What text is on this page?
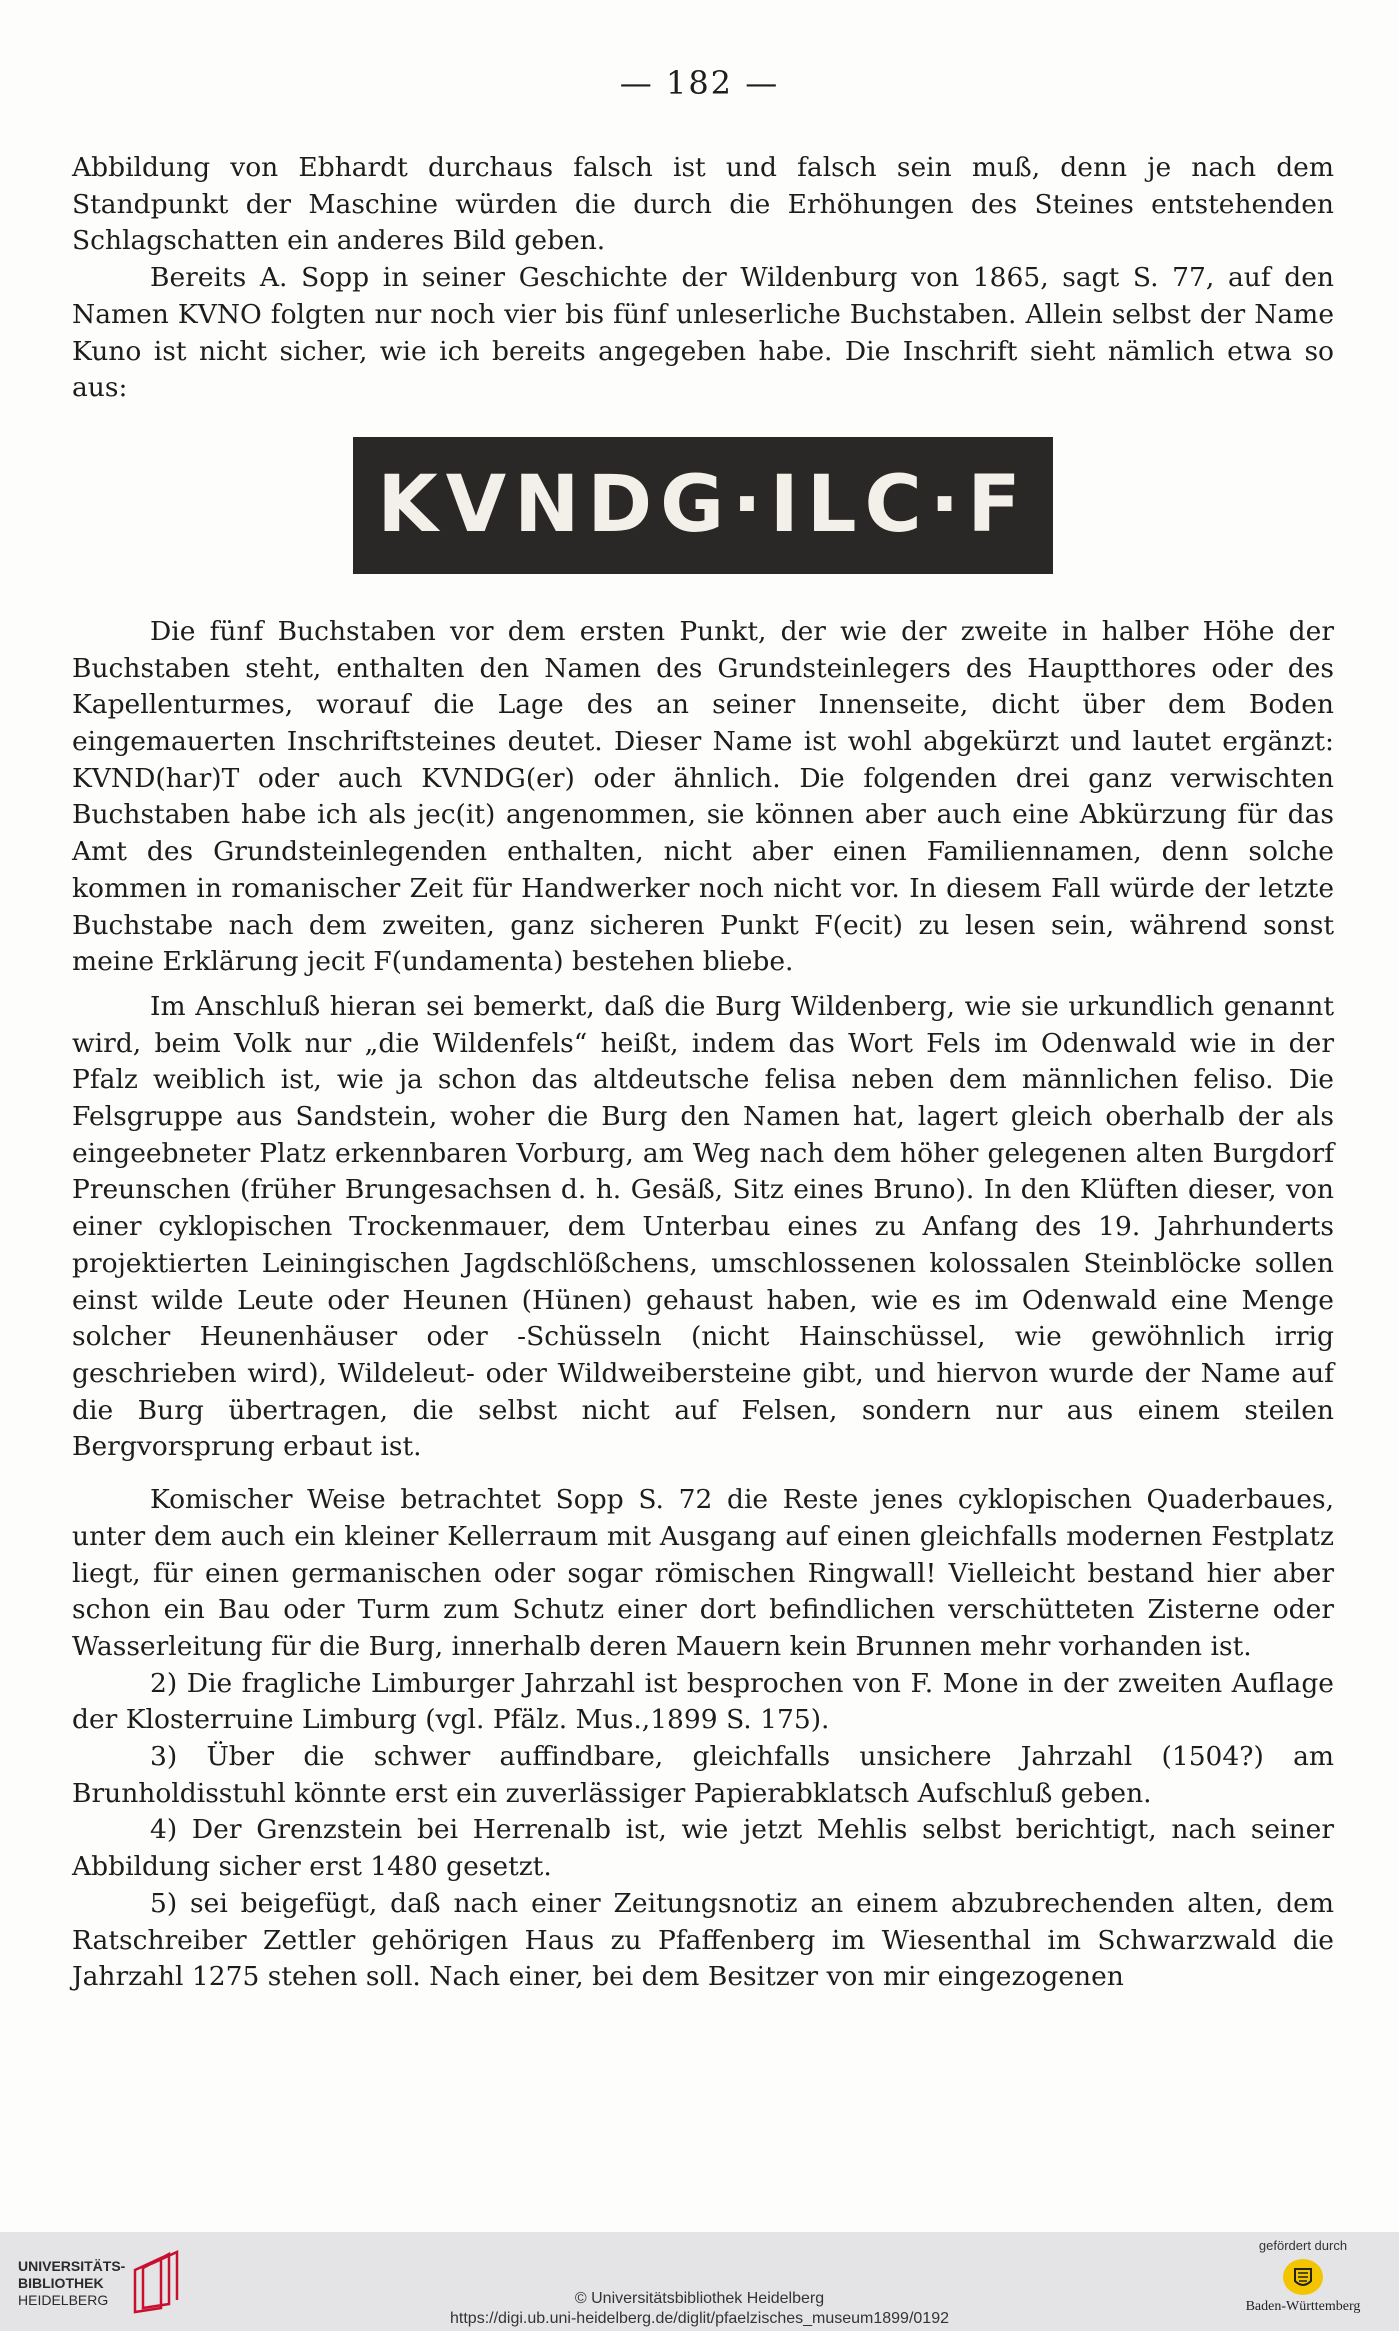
— 182 —

Abbildung von Ebhardt durchaus falsch ist und falsch sein muß, denn je nach dem Standpunkt der Maschine würden die durch die Erhöhungen des Steines entstehenden Schlagschatten ein anderes Bild geben.

Bereits A. Sopp in seiner Geschichte der Wildenburg von 1865, sagt S. 77, auf den Namen KVNO folgten nur noch vier bis fünf unleserliche Buchstaben. Allein selbst der Name Kuno ist nicht sicher, wie ich bereits angegeben habe. Die Inschrift sieht nämlich etwa so aus:

KVNDG·ILC·F

Die fünf Buchstaben vor dem ersten Punkt, der wie der zweite in halber Höhe der Buchstaben steht, enthalten den Namen des Grundsteinlegers des Hauptthores oder des Kapellenturmes, worauf die Lage des an seiner Innenseite, dicht über dem Boden eingemauerten Inschriftsteines deutet. Dieser Name ist wohl abgekürzt und lautet ergänzt: KVND(har)T oder auch KVNDG(er) oder ähnlich. Die folgenden drei ganz verwischten Buchstaben habe ich als jec(it) angenommen, sie können aber auch eine Abkürzung für das Amt des Grundsteinlegenden enthalten, nicht aber einen Familiennamen, denn solche kommen in romanischer Zeit für Handwerker noch nicht vor. In diesem Fall würde der letzte Buchstabe nach dem zweiten, ganz sicheren Punkt F(ecit) zu lesen sein, während sonst meine Erklärung jecit F(undamenta) bestehen bliebe.

Im Anschluß hieran sei bemerkt, daß die Burg Wildenberg, wie sie urkundlich genannt wird, beim Volk nur „die Wildenfels“ heißt, indem das Wort Fels im Odenwald wie in der Pfalz weiblich ist, wie ja schon das altdeutsche felisa neben dem männlichen feliso. Die Felsgruppe aus Sandstein, woher die Burg den Namen hat, lagert gleich oberhalb der als eingeebneter Platz erkennbaren Vorburg, am Weg nach dem höher gelegenen alten Burgdorf Preunschen (früher Brungesachsen d. h. Gesäß, Sitz eines Bruno). In den Klüften dieser, von einer cyklopischen Trockenmauer, dem Unterbau eines zu Anfang des 19. Jahrhunderts projektierten Leiningischen Jagdschlößchens, umschlossenen kolossalen Steinblöcke sollen einst wilde Leute oder Heunen (Hünen) gehaust haben, wie es im Odenwald eine Menge solcher Heunenhäuser oder -Schüsseln (nicht Hainschüssel, wie gewöhnlich irrig geschrieben wird), Wildeleut- oder Wildweibersteine gibt, und hiervon wurde der Name auf die Burg übertragen, die selbst nicht auf Felsen, sondern nur aus einem steilen Bergvorsprung erbaut ist.

Komischer Weise betrachtet Sopp S. 72 die Reste jenes cyklopischen Quaderbaues, unter dem auch ein kleiner Kellerraum mit Ausgang auf einen gleichfalls modernen Festplatz liegt, für einen germanischen oder sogar römischen Ringwall! Vielleicht bestand hier aber schon ein Bau oder Turm zum Schutz einer dort befindlichen verschütteten Zisterne oder Wasserleitung für die Burg, innerhalb deren Mauern kein Brunnen mehr vorhanden ist.

2) Die fragliche Limburger Jahrzahl ist besprochen von F. Mone in der zweiten Auflage der Klosterruine Limburg (vgl. Pfälz. Mus.,1899 S. 175).

3) Über die schwer auffindbare, gleichfalls unsichere Jahrzahl (1504?) am Brunholdisstuhl könnte erst ein zuverlässiger Papierabklatsch Aufschluß geben.

4) Der Grenzstein bei Herrenalb ist, wie jetzt Mehlis selbst berichtigt, nach seiner Abbildung sicher erst 1480 gesetzt.

5) sei beigefügt, daß nach einer Zeitungsnotiz an einem abzubrechenden alten, dem Ratschreiber Zettler gehörigen Haus zu Pfaffenberg im Wiesenthal im Schwarzwald die Jahrzahl 1275 stehen soll. Nach einer, bei dem Besitzer von mir eingezogenen

UNIVERSITÄTS-
BIBLIOTHEK
HEIDELBERG	© Universitätsbibliothek Heidelberg
https://digi.ub.uni-heidelberg.de/diglit/pfaelzisches_museum1899/0192
gefördert durch
Baden-Württemberg
